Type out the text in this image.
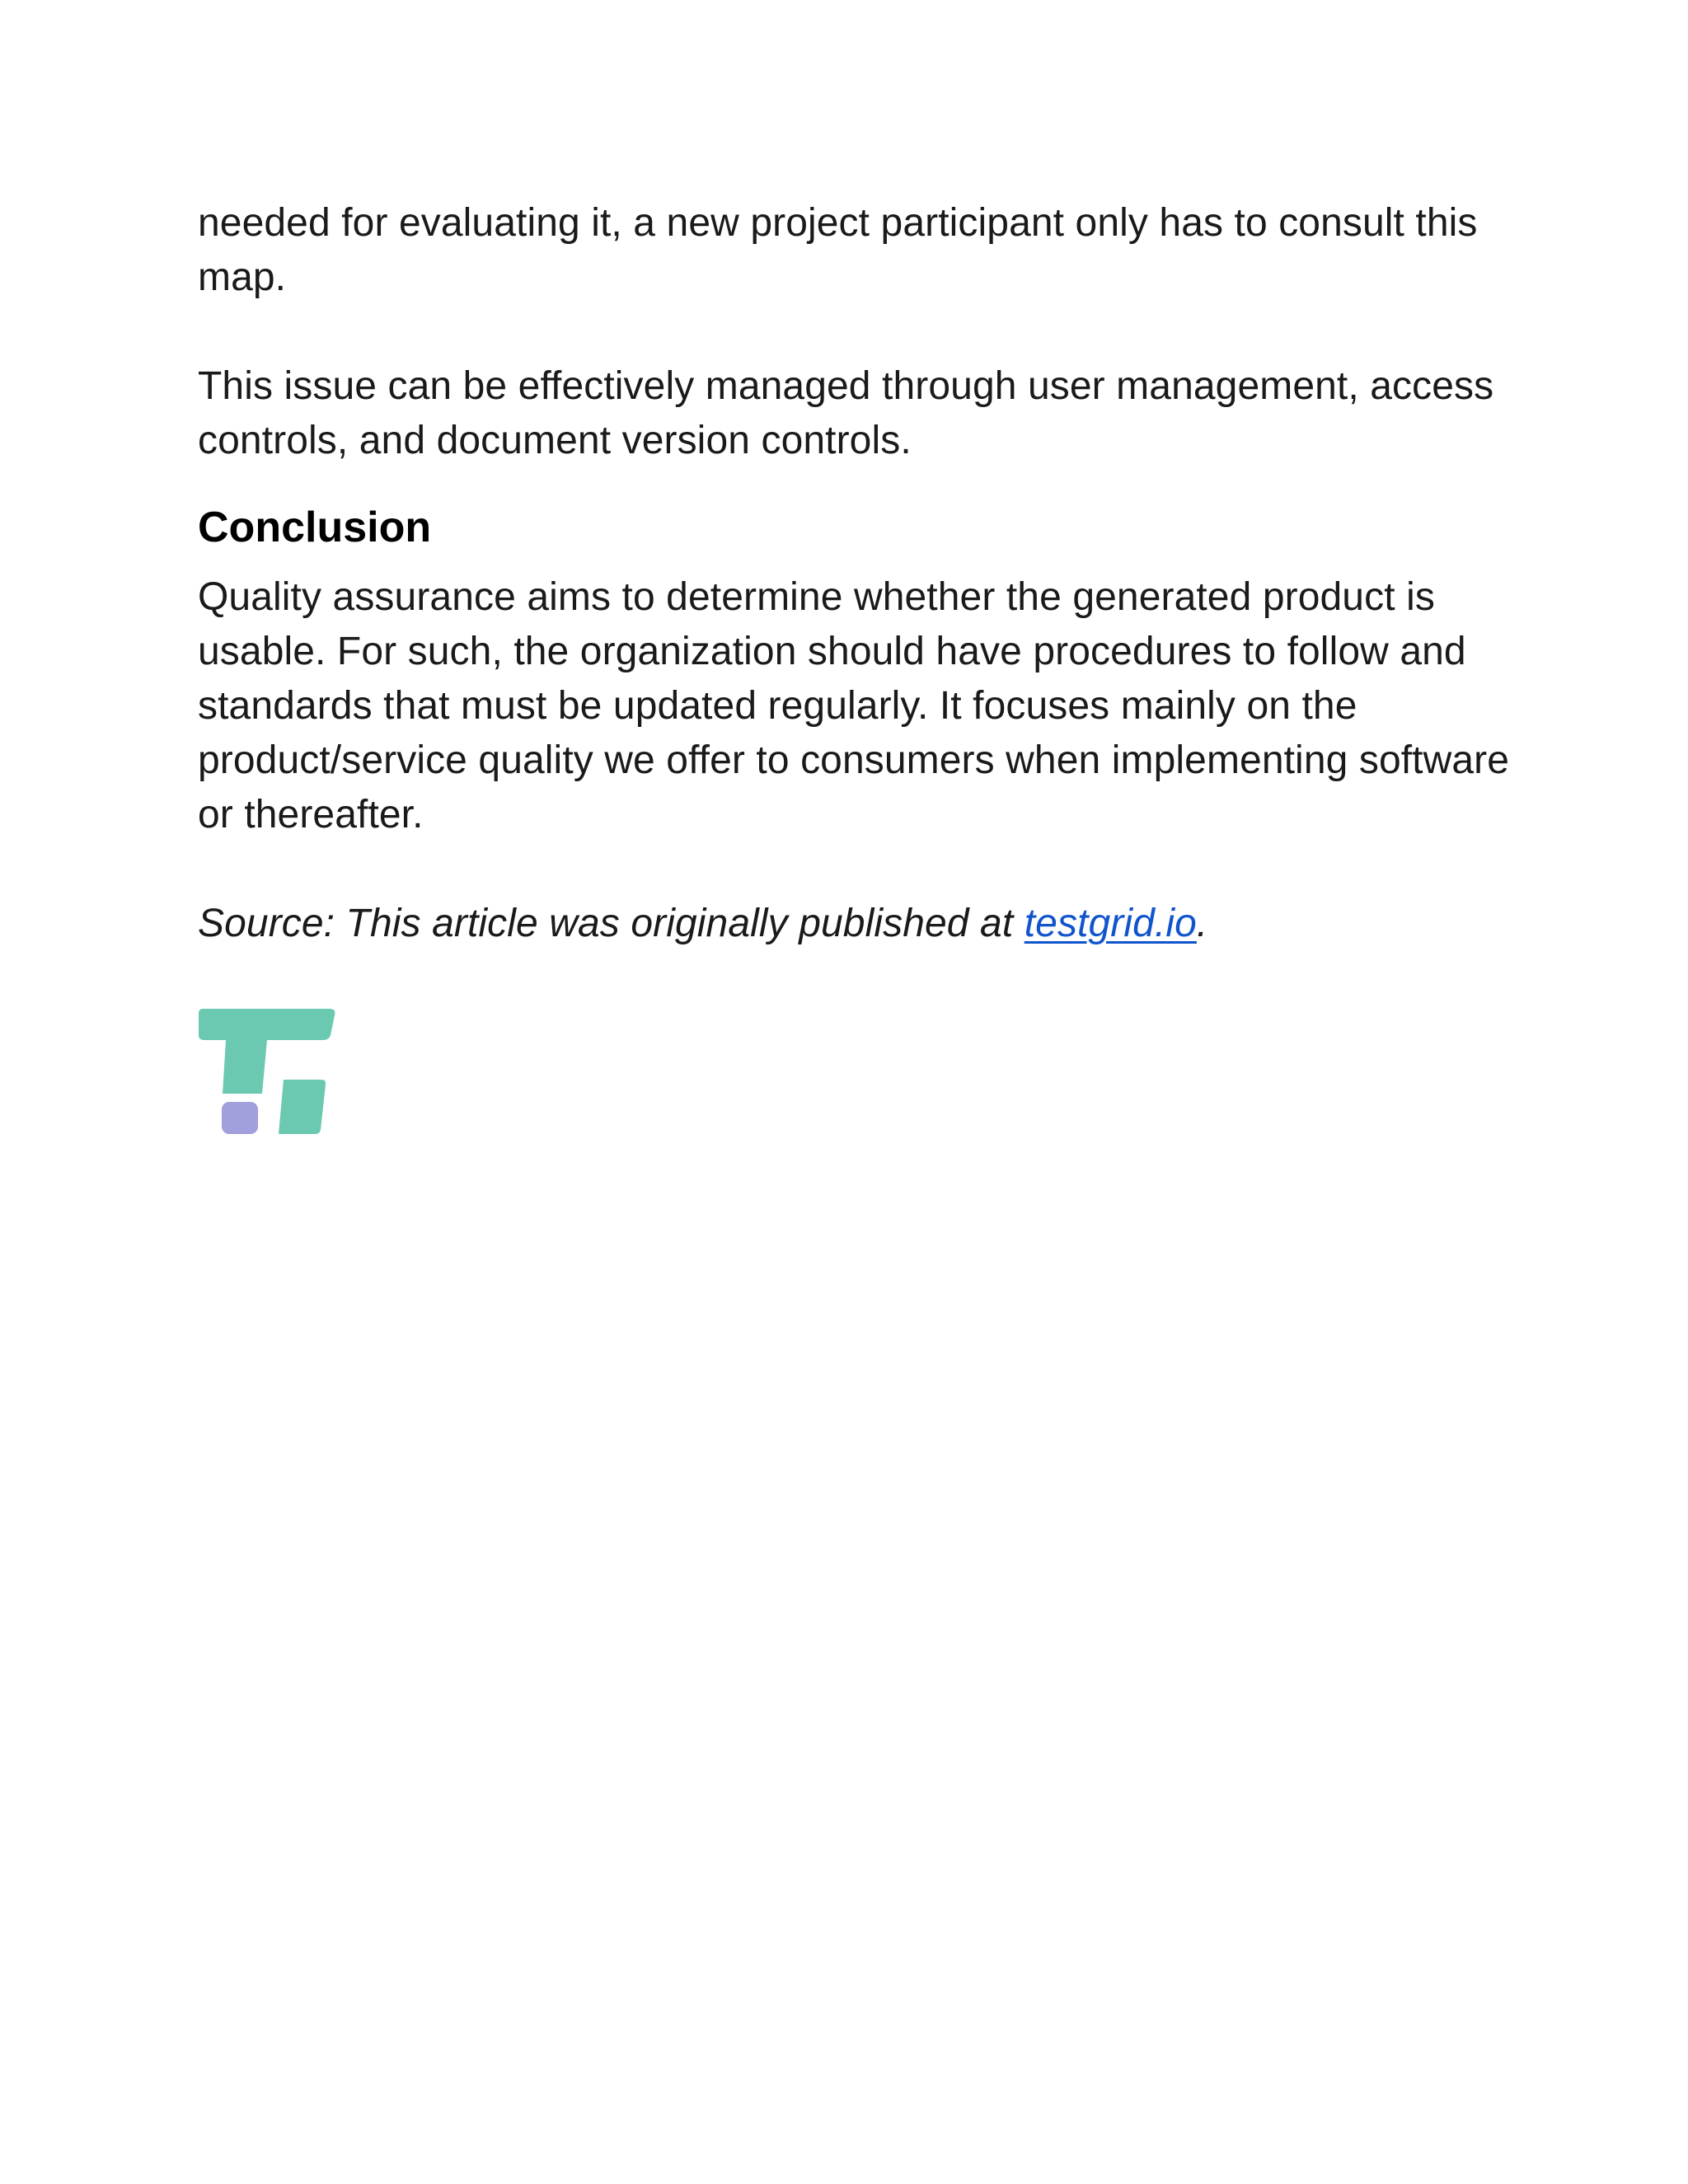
needed for evaluating it, a new project participant only has to consult this map.

This issue can be effectively managed through user management, access controls, and document version controls.

Conclusion

Quality assurance aims to determine whether the generated product is usable. For such, the organization should have procedures to follow and standards that must be updated regularly. It focuses mainly on the product/service quality we offer to consumers when implementing software or thereafter.

Source: This article was originally published at testgrid.io.
